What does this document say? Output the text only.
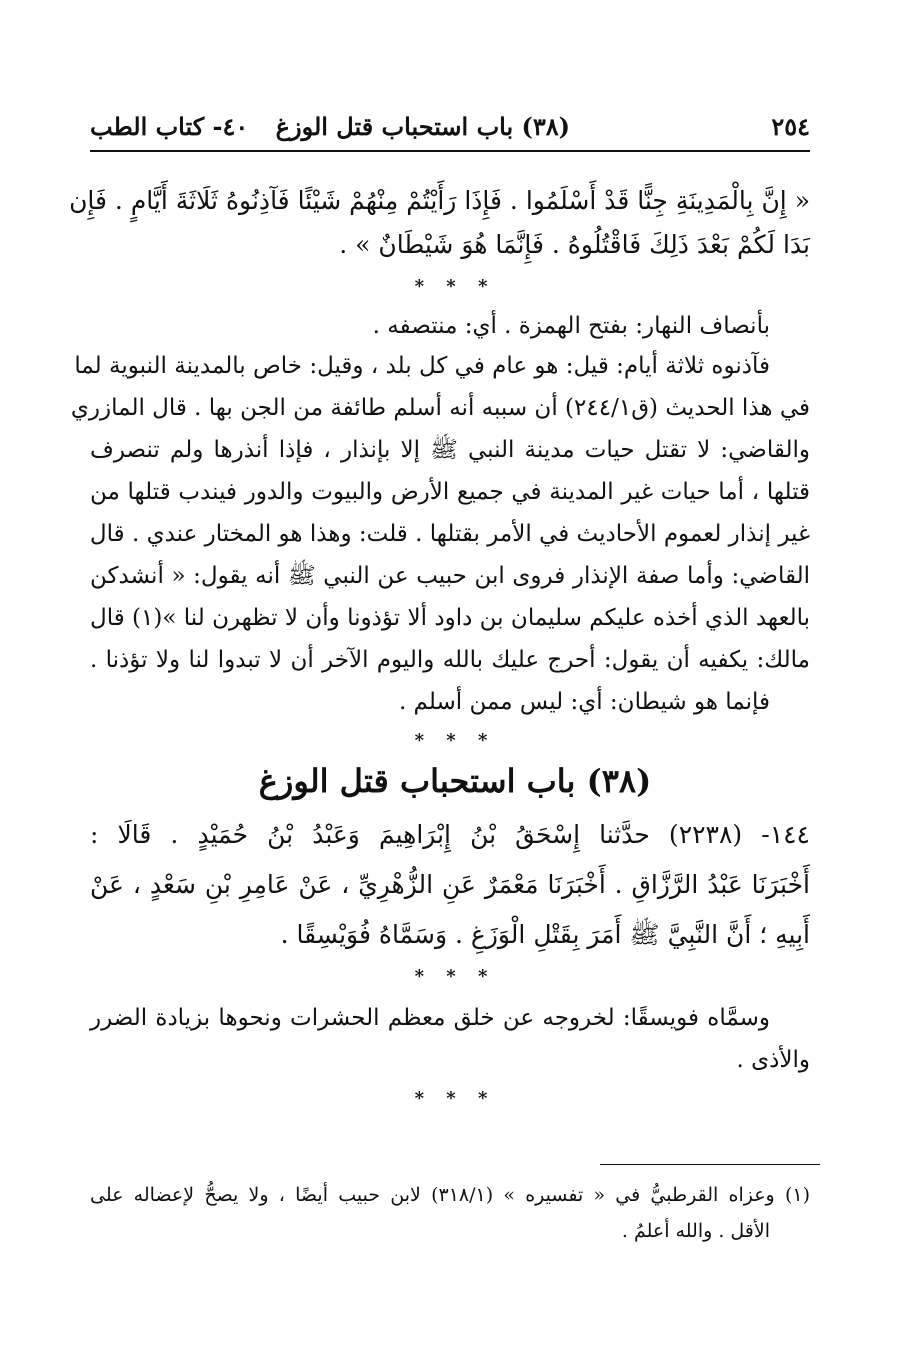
٢٥٤
(٣٨) باب استحباب قتل الوزغ
٤٠- كتاب الطب
« إِنَّ بِالْمَدِينَةِ جِنًّا قَدْ أَسْلَمُوا . فَإِذَا رَأَيْتُمْ مِنْهُمْ شَيْئًا فَآذِنُوهُ ثَلَاثَةَ أَيَّامٍ . فَإِن
بَدَا لَكُمْ بَعْدَ ذَلِكَ فَاقْتُلُوهُ . فَإِنَّمَا هُوَ شَيْطَانٌ » .
* * *
بأنصاف النهار: بفتح الهمزة . أي: منتصفه .
فآذنوه ثلاثة أيام: قيل: هو عام في كل بلد ، وقيل: خاص بالمدينة النبوية لما
في هذا الحديث (ق٢٤٤/١) أن سببه أنه أسلم طائفة من الجن بها . قال المازري
والقاضي: لا تقتل حيات مدينة النبي ﷺ إلا بإنذار ، فإذا أنذرها ولم تنصرف
قتلها ، أما حيات غير المدينة في جميع الأرض والبيوت والدور فيندب قتلها من
غير إنذار لعموم الأحاديث في الأمر بقتلها . قلت: وهذا هو المختار عندي . قال
القاضي: وأما صفة الإنذار فروى ابن حبيب عن النبي ﷺ أنه يقول: « أنشدكن
بالعهد الذي أخذه عليكم سليمان بن داود ألا تؤذونا وأن لا تظهرن لنا »(١) قال
مالك: يكفيه أن يقول: أحرج عليك بالله واليوم الآخر أن لا تبدوا لنا ولا تؤذنا .
فإنما هو شيطان: أي: ليس ممن أسلم .
* * *
(٣٨) باب استحباب قتل الوزغ
١٤٤- (٢٢٣٨) حدَّثنا إِسْحَقُ بْنُ إِبْرَاهِيمَ وَعَبْدُ بْنُ حُمَيْدٍ . قَالَا :
أَخْبَرَنَا عَبْدُ الرَّزَّاقِ . أَخْبَرَنَا مَعْمَرٌ عَنِ الزُّهْرِيِّ ، عَنْ عَامِرِ بْنِ سَعْدٍ ، عَنْ
أَبِيهِ ؛ أَنَّ النَّبِيَّ ﷺ أَمَرَ بِقَتْلِ الْوَزَغِ . وَسَمَّاهُ فُوَيْسِقًا .
* * *
وسمَّاه فويسقًا: لخروجه عن خلق معظم الحشرات ونحوها بزيادة الضرر
والأذى .
* * *
(١) وعزاه القرطبيُّ في « تفسيره » (٣١٨/١) لابن حبيب أيضًا ، ولا يصحُّ لإعضاله على
الأقل . والله أعلمُ .
